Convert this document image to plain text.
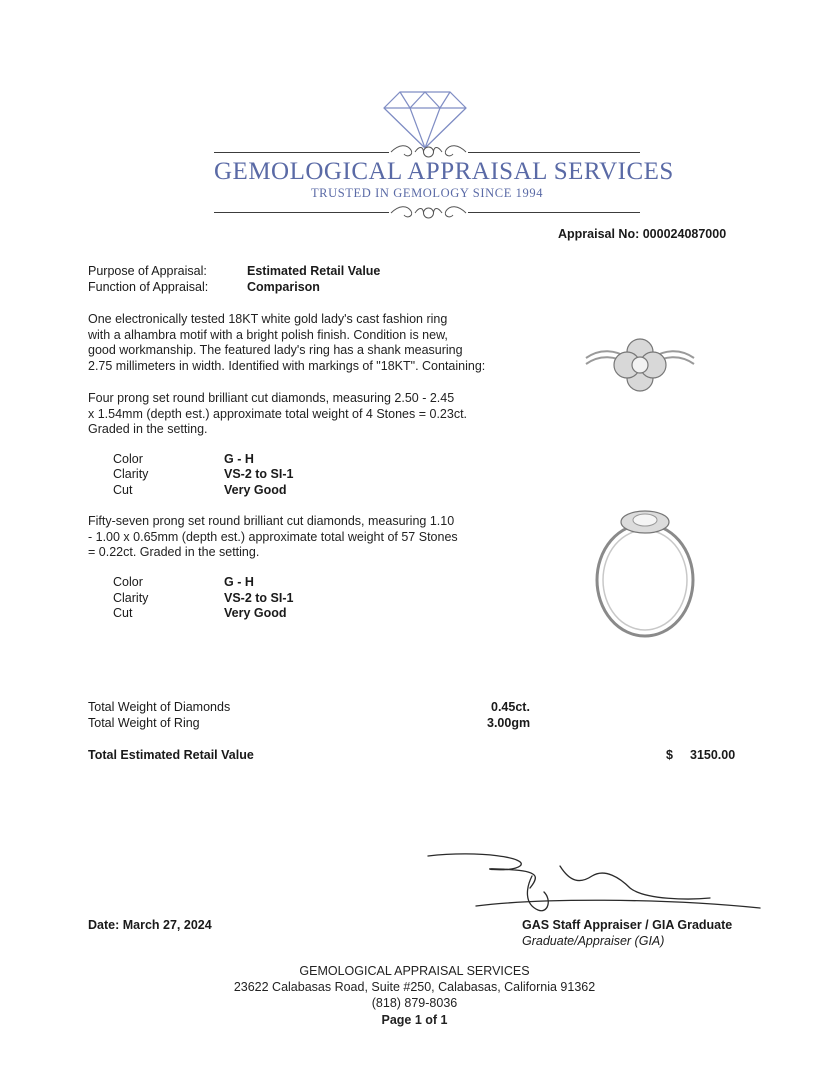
GEMOLOGICAL APPRAISAL SERVICES
TRUSTED IN GEMOLOGY SINCE 1994
Appraisal No: 000024087000
Purpose of Appraisal:	Estimated Retail Value
Function of Appraisal:	Comparison
One electronically tested 18KT white gold lady's cast fashion ring
with a alhambra motif with a bright polish finish. Condition is new,
good workmanship. The featured lady's ring has a shank measuring
2.75 millimeters in width. Identified with markings of "18KT". Containing:
Four prong set round brilliant cut diamonds, measuring 2.50 - 2.45
x 1.54mm (depth est.) approximate total weight of 4 Stones = 0.23ct.
Graded in the setting.
Color	G - H
Clarity	VS-2 to SI-1
Cut	Very Good
Fifty-seven prong set round brilliant cut diamonds, measuring 1.10
- 1.00 x 0.65mm (depth est.) approximate total weight of 57 Stones
= 0.22ct. Graded in the setting.
Color	G - H
Clarity	VS-2 to SI-1
Cut	Very Good
Total Weight of Diamonds	0.45ct.
Total Weight of Ring	3.00gm
Total Estimated Retail Value	$ 3150.00
Date: March 27, 2024	GAS Staff Appraiser / GIA Graduate
Graduate/Appraiser (GIA)
GEMOLOGICAL APPRAISAL SERVICES
23622 Calabasas Road, Suite #250, Calabasas, California 91362
(818) 879-8036
Page 1 of 1
